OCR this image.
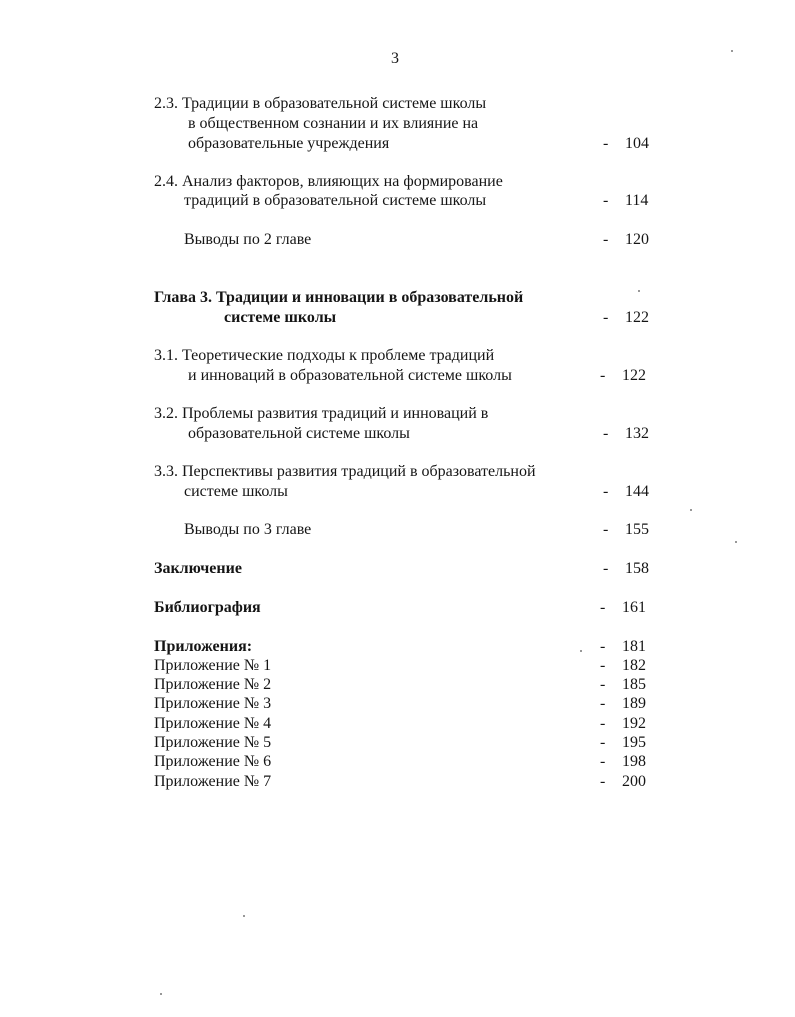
3
2.3. Традиции в образовательной системе школы
в общественном сознании и их влияние на
образовательные учреждения	- 104
2.4. Анализ факторов, влияющих на формирование
традиций в образовательной системе школы	- 114
Выводы по 2 главе	- 120
Глава 3. Традиции и инновации в образовательной
системе школы	- 122
3.1. Теоретические подходы к проблеме традиций
и инноваций в образовательной системе школы	- 122
3.2. Проблемы развития традиций и инноваций в
образовательной системе школы	- 132
3.3. Перспективы развития традиций в образовательной
системе школы	- 144
Выводы по 3 главе	- 155
Заключение	- 158
Библиография	- 161
Приложения:	- 181
Приложение № 1	- 182
Приложение № 2	- 185
Приложение № 3	- 189
Приложение № 4	- 192
Приложение № 5	- 195
Приложение № 6	- 198
Приложение № 7	- 200
